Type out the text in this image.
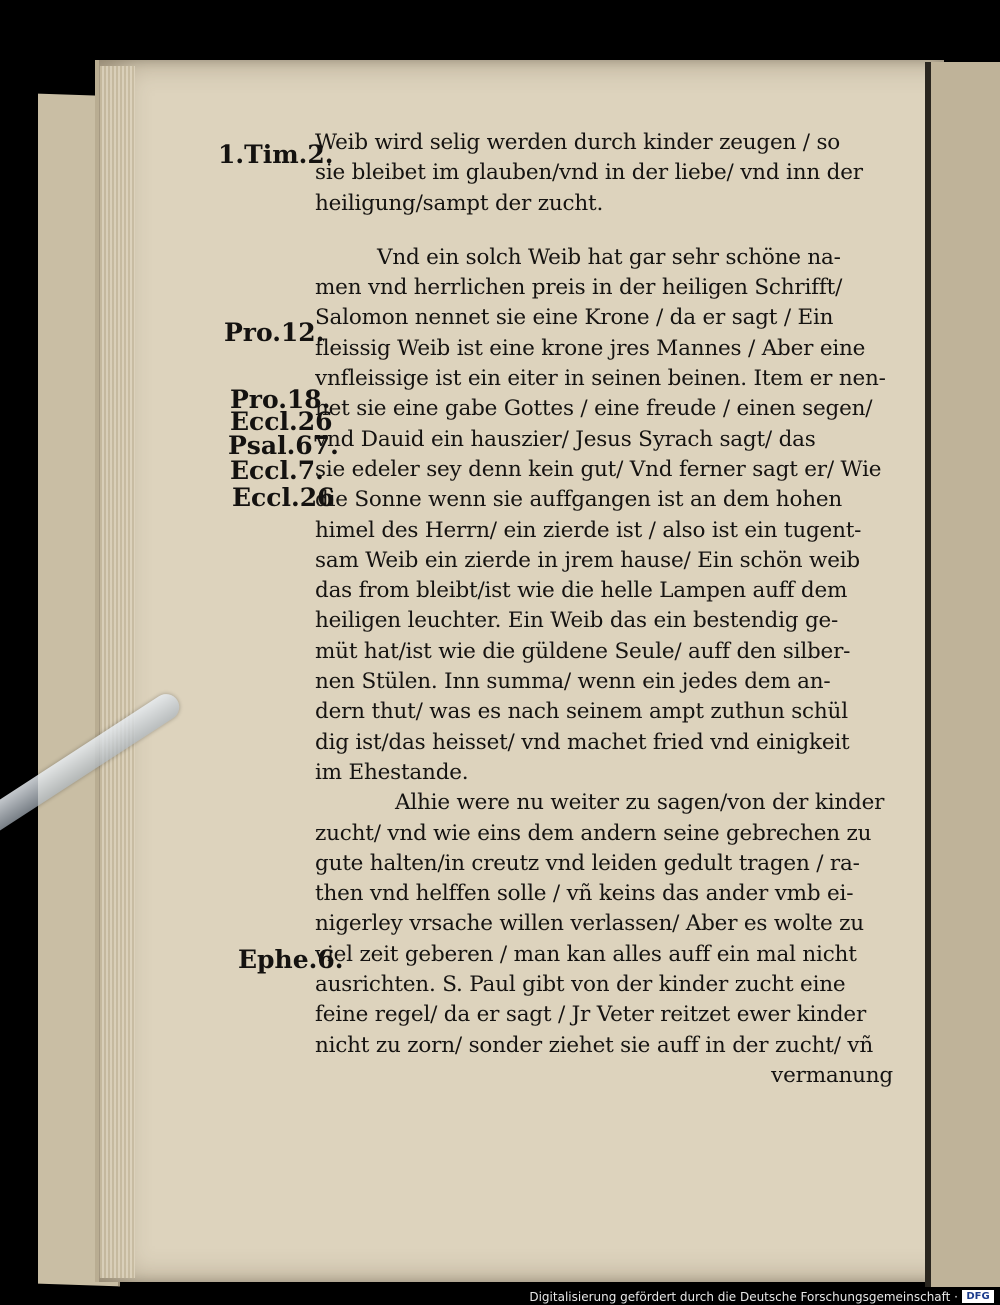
1.Tim.2.
Pro.12.
Pro.18.
Eccl.26
Psal.67.
Eccl.7.
Eccl.26
Ephe.6.
Weib wird selig werden durch kinder zeugen / so
sie bleibet im glauben/vnd in der liebe/ vnd inn der
heiligung/sampt der zucht.
Vnd ein solch Weib hat gar sehr schöne na-
men vnd herrlichen preis in der heiligen Schrifft/
Salomon nennet sie eine Krone / da er sagt / Ein
fleissig Weib ist eine krone jres Mannes / Aber eine
vnfleissige ist ein eiter in seinen beinen. Item er nen-
net sie eine gabe Gottes / eine freude / einen segen/
vnd Dauid ein hauszier/ Jesus Syrach sagt/ das
sie edeler sey denn kein gut/ Vnd ferner sagt er/ Wie
die Sonne wenn sie auffgangen ist an dem hohen
himel des Herrn/ ein zierde ist / also ist ein tugent-
sam Weib ein zierde in jrem hause/ Ein schön weib
das from bleibt/ist wie die helle Lampen auff dem
heiligen leuchter. Ein Weib das ein bestendig ge-
müt hat/ist wie die güldene Seule/ auff den silber-
nen Stülen. Inn summa/ wenn ein jedes dem an-
dern thut/ was es nach seinem ampt zuthun schül
dig ist/das heisset/ vnd machet fried vnd einigkeit
im Ehestande.
Alhie were nu weiter zu sagen/von der kinder
zucht/ vnd wie eins dem andern seine gebrechen zu
gute halten/in creutz vnd leiden gedult tragen / ra-
then vnd helffen solle / vñ keins das ander vmb ei-
nigerley vrsache willen verlassen/ Aber es wolte zu
viel zeit geberen / man kan alles auff ein mal nicht
ausrichten. S. Paul gibt von der kinder zucht eine
feine regel/ da er sagt / Jr Veter reitzet ewer kinder
nicht zu zorn/ sonder ziehet sie auff in der zucht/ vñ
vermanung
Digitalisierung gefördert durch die Deutsche Forschungsgemeinschaft · DFG
